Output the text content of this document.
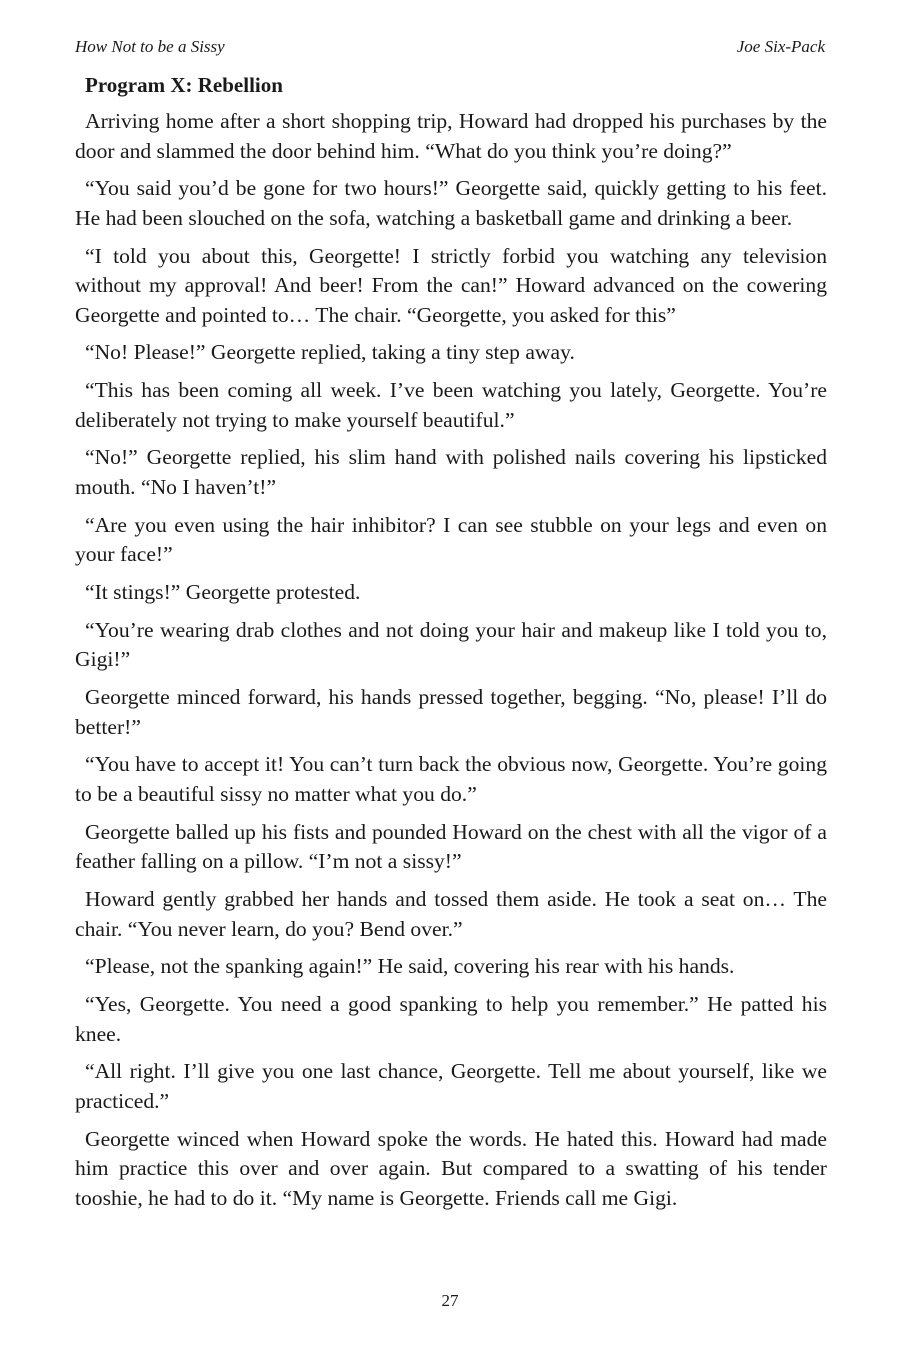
How Not to be a Sissy	Joe Six-Pack
Program X: Rebellion

Arriving home after a short shopping trip, Howard had dropped his purchases by the door and slammed the door behind him. “What do you think you’re doing?”

“You said you’d be gone for two hours!” Georgette said, quickly getting to his feet. He had been slouched on the sofa, watching a basketball game and drinking a beer.

“I told you about this, Georgette! I strictly forbid you watching any television without my approval! And beer! From the can!” Howard advanced on the cowering Georgette and pointed to… The chair. “Georgette, you asked for this”

“No! Please!” Georgette replied, taking a tiny step away.

“This has been coming all week. I’ve been watching you lately, Georgette. You’re deliberately not trying to make yourself beautiful.”

“No!” Georgette replied, his slim hand with polished nails covering his lipsticked mouth. “No I haven’t!”

“Are you even using the hair inhibitor? I can see stubble on your legs and even on your face!”

“It stings!” Georgette protested.

“You’re wearing drab clothes and not doing your hair and makeup like I told you to, Gigi!”

Georgette minced forward, his hands pressed together, begging. “No, please! I’ll do better!”

“You have to accept it! You can’t turn back the obvious now, Georgette. You’re going to be a beautiful sissy no matter what you do.”

Georgette balled up his fists and pounded Howard on the chest with all the vigor of a feather falling on a pillow. “I’m not a sissy!”

Howard gently grabbed her hands and tossed them aside. He took a seat on… The chair. “You never learn, do you? Bend over.”

“Please, not the spanking again!” He said, covering his rear with his hands.

“Yes, Georgette. You need a good spanking to help you remember.” He patted his knee.

“All right. I’ll give you one last chance, Georgette. Tell me about yourself, like we practiced.”

Georgette winced when Howard spoke the words. He hated this. Howard had made him practice this over and over again. But compared to a swatting of his tender tooshie, he had to do it. “My name is Georgette. Friends call me Gigi.

27
